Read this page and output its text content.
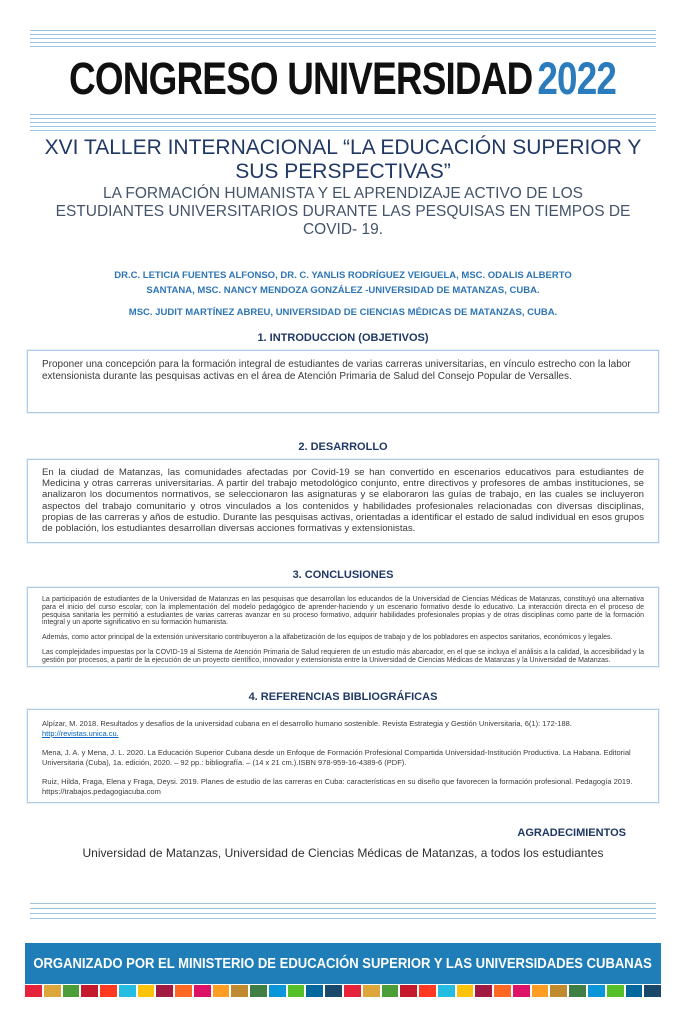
CONGRESO UNIVERSIDAD 2022
XVI TALLER INTERNACIONAL “LA EDUCACIÓN SUPERIOR Y SUS PERSPECTIVAS”
LA FORMACIÓN HUMANISTA Y EL APRENDIZAJE ACTIVO DE LOS ESTUDIANTES UNIVERSITARIOS DURANTE LAS PESQUISAS EN TIEMPOS DE COVID- 19.
DR.C. LETICIA FUENTES ALFONSO, DR. C. YANLIS RODRÍGUEZ VEIGUELA, MSC. ODALIS ALBERTO SANTANA, MSC. NANCY MENDOZA GONZÁLEZ -UNIVERSIDAD DE MATANZAS, CUBA.
MSC. JUDIT MARTÍNEZ ABREU, UNIVERSIDAD DE CIENCIAS MÉDICAS DE MATANZAS, CUBA.
1. INTRODUCCION (OBJETIVOS)
Proponer una concepción para la formación integral de estudiantes de varias carreras universitarias, en vínculo estrecho con la labor extensionista durante las pesquisas activas en el área de Atención Primaria de Salud del Consejo Popular de Versalles.
2. DESARROLLO
En la ciudad de Matanzas, las comunidades afectadas por Covid-19 se han convertido en escenarios educativos para estudiantes de Medicina y otras carreras universitarias. A partir del trabajo metodológico conjunto, entre directivos y profesores de ambas instituciones, se analizaron los documentos normativos, se seleccionaron las asignaturas y se elaboraron las guías de trabajo, en las cuales se incluyeron aspectos del trabajo comunitario y otros vinculados a los contenidos y habilidades profesionales relacionadas con diversas disciplinas, propias de las carreras y años de estudio. Durante las pesquisas activas, orientadas a identificar el estado de salud individual en esos grupos de población, los estudiantes desarrollan diversas acciones formativas y extensionistas.
3. CONCLUSIONES

La participación de estudiantes de la Universidad de Matanzas en las pesquisas que desarrollan los educandos de la Universidad de Ciencias Médicas de Matanzas, constituyó una alternativa para el inicio del curso escolar, con la implementación del modelo pedagógico de aprender-haciendo y un escenario formativo desde lo educativo. La interacción directa en el proceso de pesquisa sanitaria les permitió a estudiantes de varias carreras avanzar en su proceso formativo, adquirir habilidades profesionales propias y de otras disciplinas como parte de la formación integral y un aporte significativo en su formación humanista.

Además, como actor principal de la extensión universitario contribuyeron a la alfabetización de los equipos de trabajo y de los pobladores en aspectos sanitarios, económicos y legales.

Las complejidades impuestas por la COVID-19 al Sistema de Atención Primaria de Salud requieren de un estudio más abarcador, en el que se incluya el análisis a la calidad, la accesibilidad y la gestión por procesos, a partir de la ejecución de un proyecto científico, innovador y extensionista entre la Universidad de Ciencias Médicas de Matanzas y la Universidad de Matanzas.

4. REFERENCIAS BIBLIOGRÁFICAS
Alpízar, M. 2018. Resultados y desafíos de la universidad cubana en el desarrollo humano sostenible. Revista Estrategia y Gestión Universitaria, 6(1): 172-188.
http://revistas.unica.cu.
Mena, J. A. y Mena, J. L. 2020. La Educación Superior Cubana desde un Enfoque de Formación Profesional Compartida Universidad-Institución Productiva. La Habana. Editorial Universitaria (Cuba), 1a. edición, 2020. – 92 pp.: bibliografía. – (14 x 21 cm.).ISBN 978-959-16-4389-6 (PDF).
Ruiz, Hilda, Fraga, Elena y Fraga, Deysi. 2019. Planes de estudio de las carreras en Cuba: características en su diseño que favorecen la formación profesional. Pedagogía 2019.
https://trabajos.pedagogiacuba.com
AGRADECIMIENTOS
Universidad de Matanzas, Universidad de Ciencias Médicas de Matanzas, a todos los estudiantes
ORGANIZADO POR EL MINISTERIO DE EDUCACIÓN SUPERIOR Y LAS UNIVERSIDADES CUBANAS
